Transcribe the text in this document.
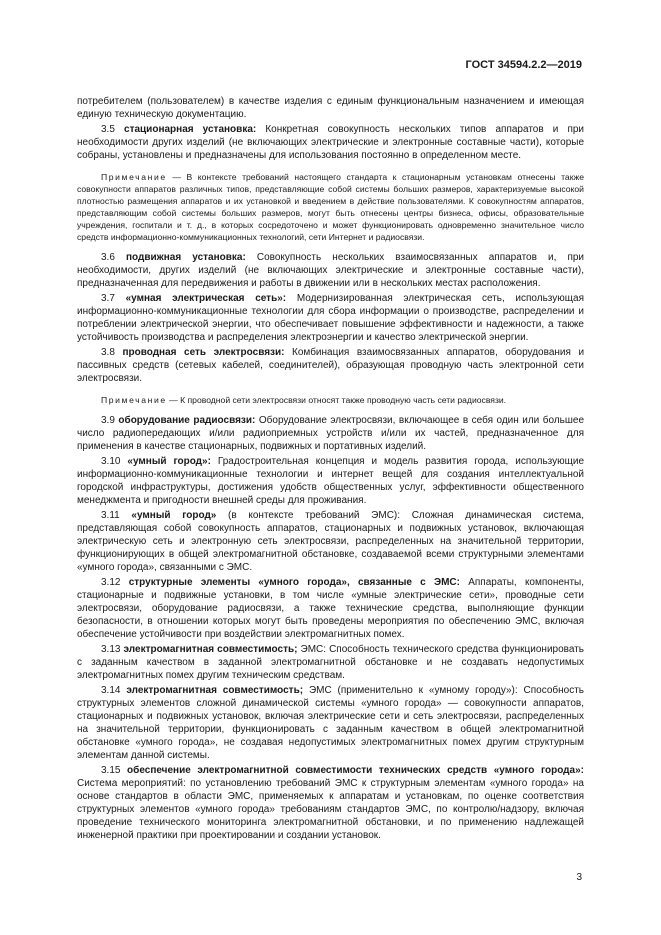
ГОСТ 34594.2.2—2019

потребителем (пользователем) в качестве изделия с единым функциональным назначением и имеющая единую техническую документацию.

3.5 стационарная установка: Конкретная совокупность нескольких типов аппаратов и при необходимости других изделий (не включающих электрические и электронные составные части), которые собраны, установлены и предназначены для использования постоянно в определенном месте.

Примечание — В контексте требований настоящего стандарта к стационарным установкам отнесены также совокупности аппаратов различных типов, представляющие собой системы больших размеров, характеризуемые высокой плотностью размещения аппаратов и их установкой и введением в действие пользователями. К совокупностям аппаратов, представляющим собой системы больших размеров, могут быть отнесены центры бизнеса, офисы, образовательные учреждения, госпитали и т. д., в которых сосредоточено и может функционировать одновременно значительное число средств информационно-коммуникационных технологий, сети Интернет и радиосвязи.

3.6 подвижная установка: Совокупность нескольких взаимосвязанных аппаратов и, при необходимости, других изделий (не включающих электрические и электронные составные части), предназначенная для передвижения и работы в движении или в нескольких местах расположения.

3.7 «умная электрическая сеть»: Модернизированная электрическая сеть, использующая информационно-коммуникационные технологии для сбора информации о производстве, распределении и потреблении электрической энергии, что обеспечивает повышение эффективности и надежности, а также устойчивость производства и распределения электроэнергии и качество электрической энергии.

3.8 проводная сеть электросвязи: Комбинация взаимосвязанных аппаратов, оборудования и пассивных средств (сетевых кабелей, соединителей), образующая проводную часть электронной сети электросвязи.

Примечание — К проводной сети электросвязи относят также проводную часть сети радиосвязи.

3.9 оборудование радиосвязи: Оборудование электросвязи, включающее в себя один или большее число радиопередающих и/или радиоприемных устройств и/или их частей, предназначенное для применения в качестве стационарных, подвижных и портативных изделий.

3.10 «умный город»: Градостроительная концепция и модель развития города, использующие информационно-коммуникационные технологии и интернет вещей для создания интеллектуальной городской инфраструктуры, достижения удобств общественных услуг, эффективности общественного менеджмента и пригодности внешней среды для проживания.

3.11 «умный город» (в контексте требований ЭМС): Сложная динамическая система, представляющая собой совокупность аппаратов, стационарных и подвижных установок, включающая электрическую сеть и электронную сеть электросвязи, распределенных на значительной территории, функционирующих в общей электромагнитной обстановке, создаваемой всеми структурными элементами «умного города», связанными с ЭМС.

3.12 структурные элементы «умного города», связанные с ЭМС: Аппараты, компоненты, стационарные и подвижные установки, в том числе «умные электрические сети», проводные сети электросвязи, оборудование радиосвязи, а также технические средства, выполняющие функции безопасности, в отношении которых могут быть проведены мероприятия по обеспечению ЭМС, включая обеспечение устойчивости при воздействии электромагнитных помех.

3.13 электромагнитная совместимость; ЭМС: Способность технического средства функционировать с заданным качеством в заданной электромагнитной обстановке и не создавать недопустимых электромагнитных помех другим техническим средствам.

3.14 электромагнитная совместимость; ЭМС (применительно к «умному городу»): Способность структурных элементов сложной динамической системы «умного города» — совокупности аппаратов, стационарных и подвижных установок, включая электрические сети и сеть электросвязи, распределенных на значительной территории, функционировать с заданным качеством в общей электромагнитной обстановке «умного города», не создавая недопустимых электромагнитных помех другим структурным элементам данной системы.

3.15 обеспечение электромагнитной совместимости технических средств «умного города»: Система мероприятий: по установлению требований ЭМС к структурным элементам «умного города» на основе стандартов в области ЭМС, применяемых к аппаратам и установкам, по оценке соответствия структурных элементов «умного города» требованиям стандартов ЭМС, по контролю/надзору, включая проведение технического мониторинга электромагнитной обстановки, и по применению надлежащей инженерной практики при проектировании и создании установок.

3
